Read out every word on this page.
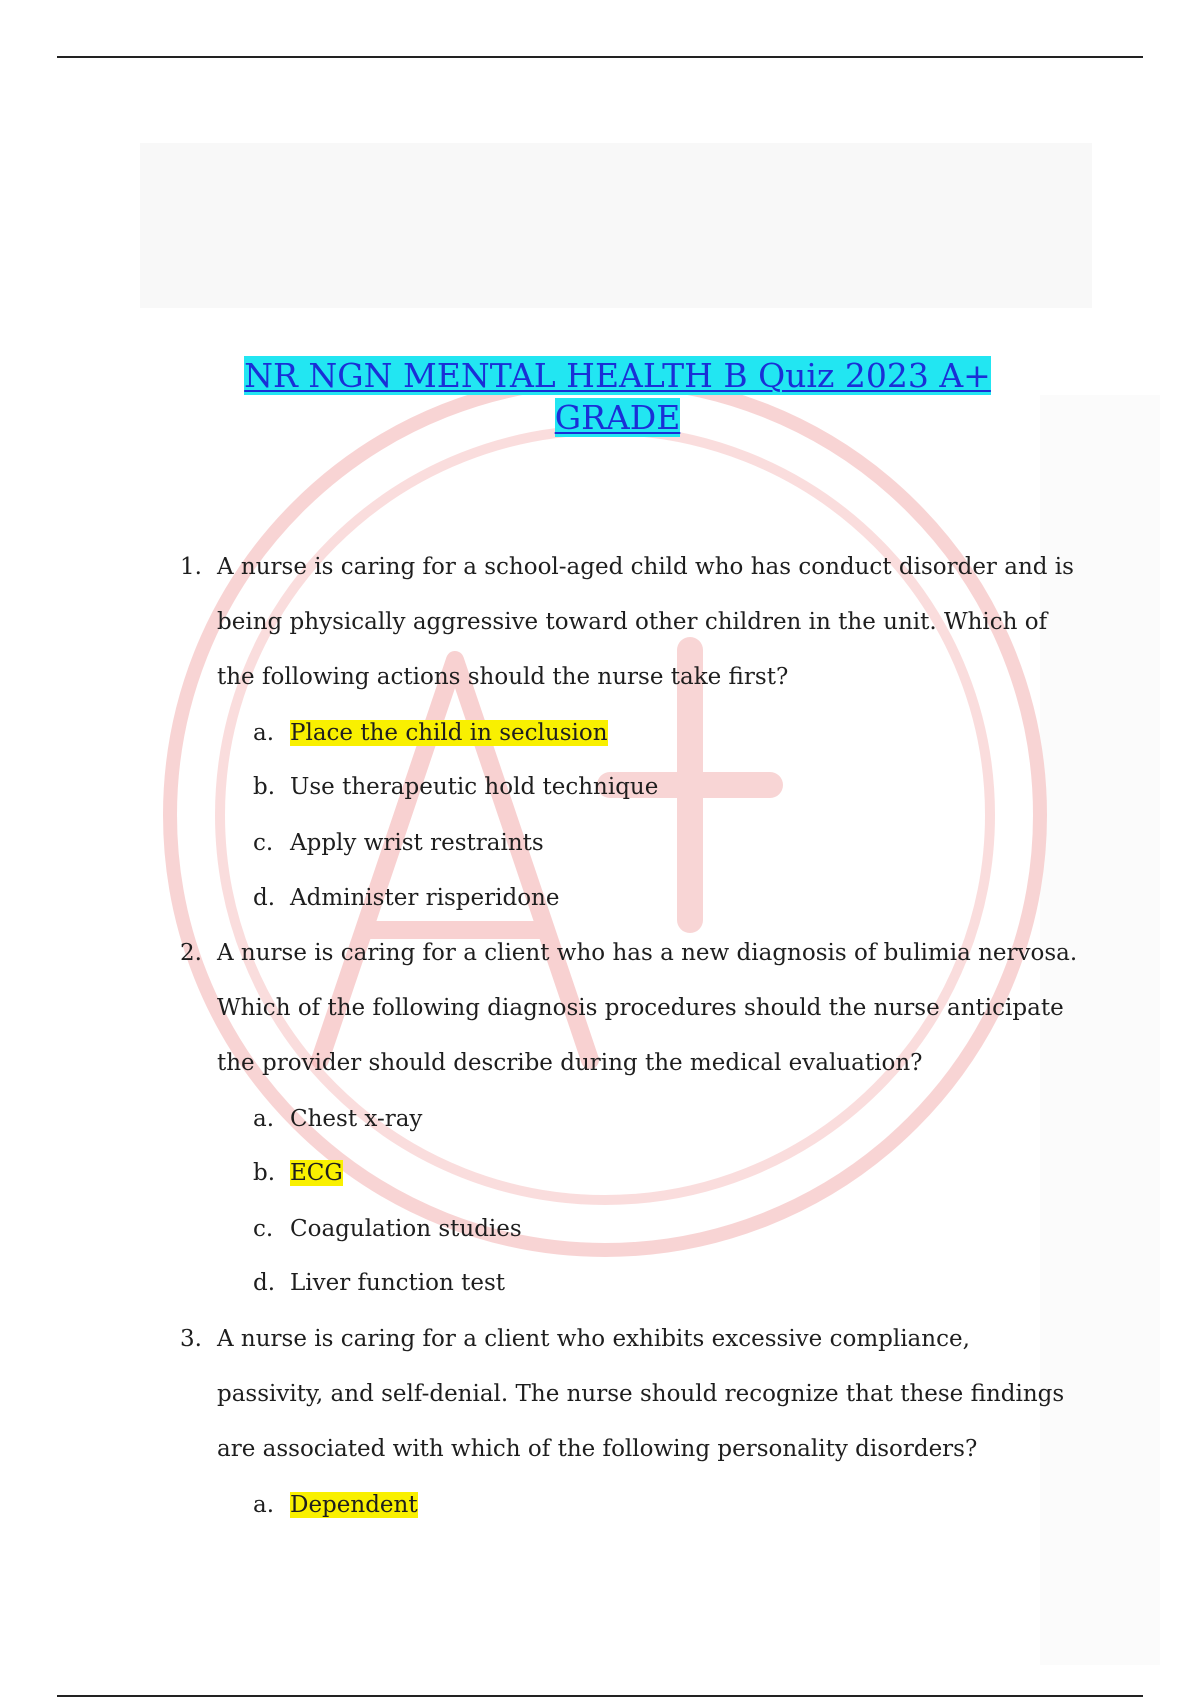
NR NGN MENTAL HEALTH B Quiz 2023 A+
GRADE
1. A nurse is caring for a school-aged child who has conduct disorder and is being physically aggressive toward other children in the unit. Which of the following actions should the nurse take first?
a. Place the child in seclusion
b. Use therapeutic hold technique
c. Apply wrist restraints
d. Administer risperidone
2. A nurse is caring for a client who has a new diagnosis of bulimia nervosa. Which of the following diagnosis procedures should the nurse anticipate the provider should describe during the medical evaluation?
a. Chest x-ray
b. ECG
c. Coagulation studies
d. Liver function test
3. A nurse is caring for a client who exhibits excessive compliance, passivity, and self-denial. The nurse should recognize that these findings are associated with which of the following personality disorders?
a. Dependent
